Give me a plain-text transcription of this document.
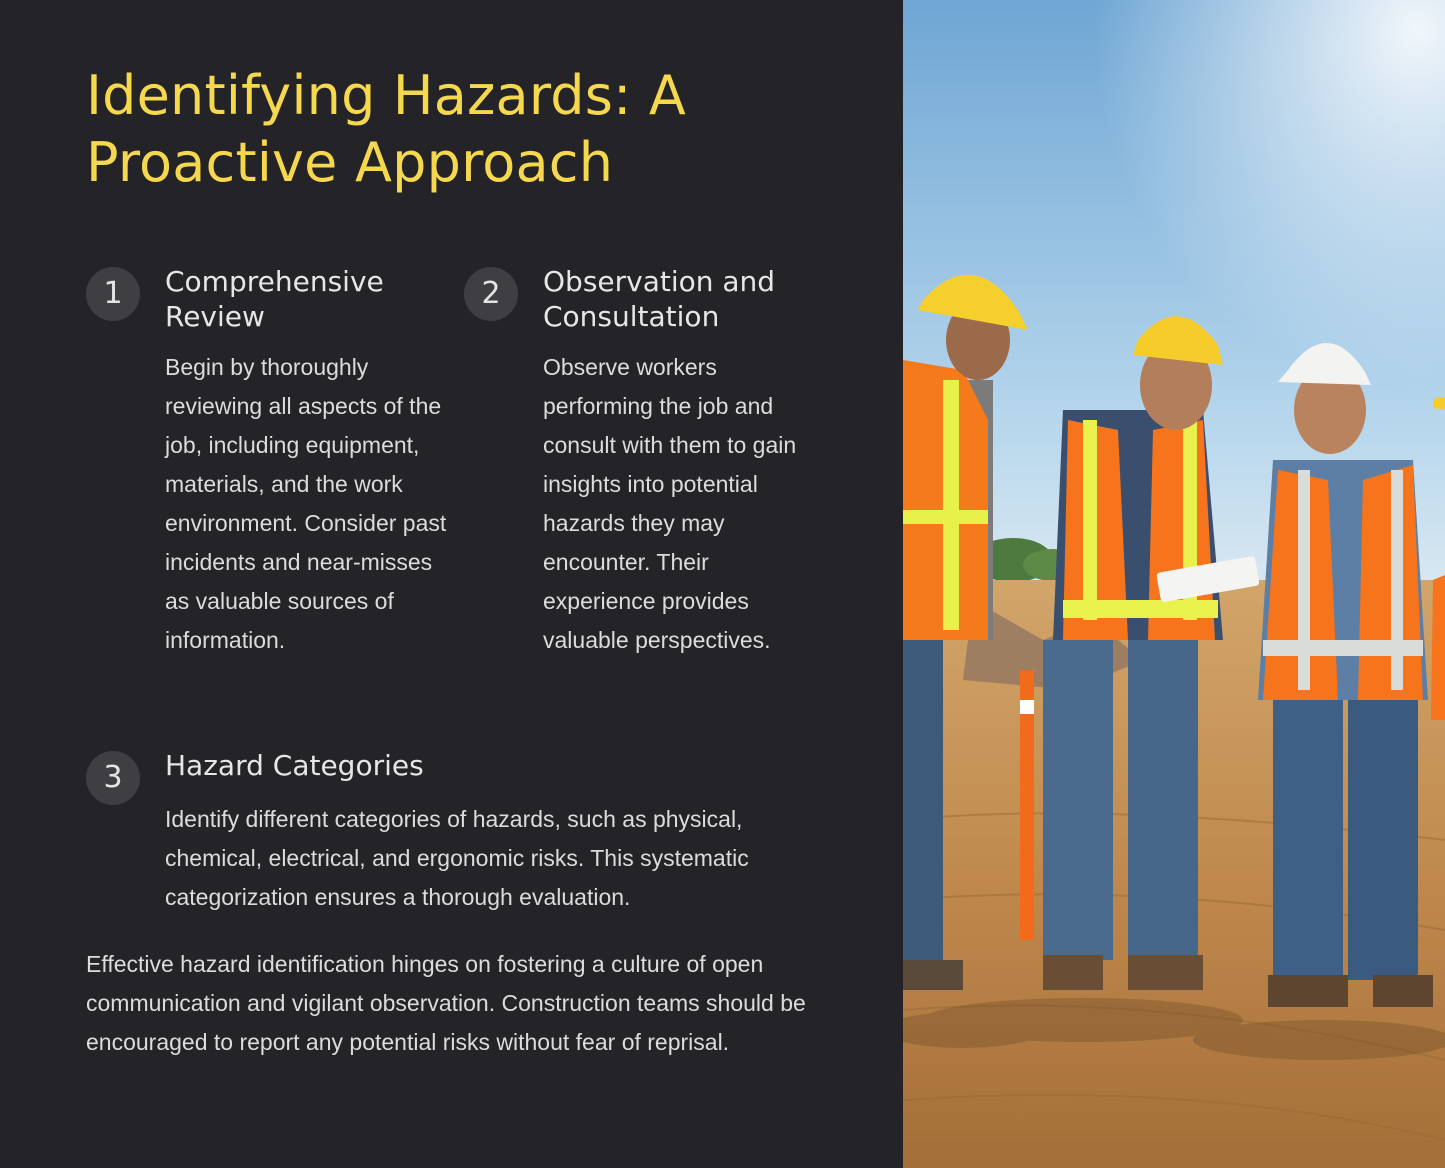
Identifying Hazards: A Proactive Approach
1	Comprehensive Review

Begin by thoroughly reviewing all aspects of the job, including equipment, materials, and the work environment. Consider past incidents and near-misses as valuable sources of information.

2	Observation and Consultation

Observe workers performing the job and consult with them to gain insights into potential hazards they may encounter. Their experience provides valuable perspectives.

3	Hazard Categories

Identify different categories of hazards, such as physical, chemical, electrical, and ergonomic risks. This systematic categorization ensures a thorough evaluation.

Effective hazard identification hinges on fostering a culture of open communication and vigilant observation. Construction teams should be encouraged to report any potential risks without fear of reprisal.
